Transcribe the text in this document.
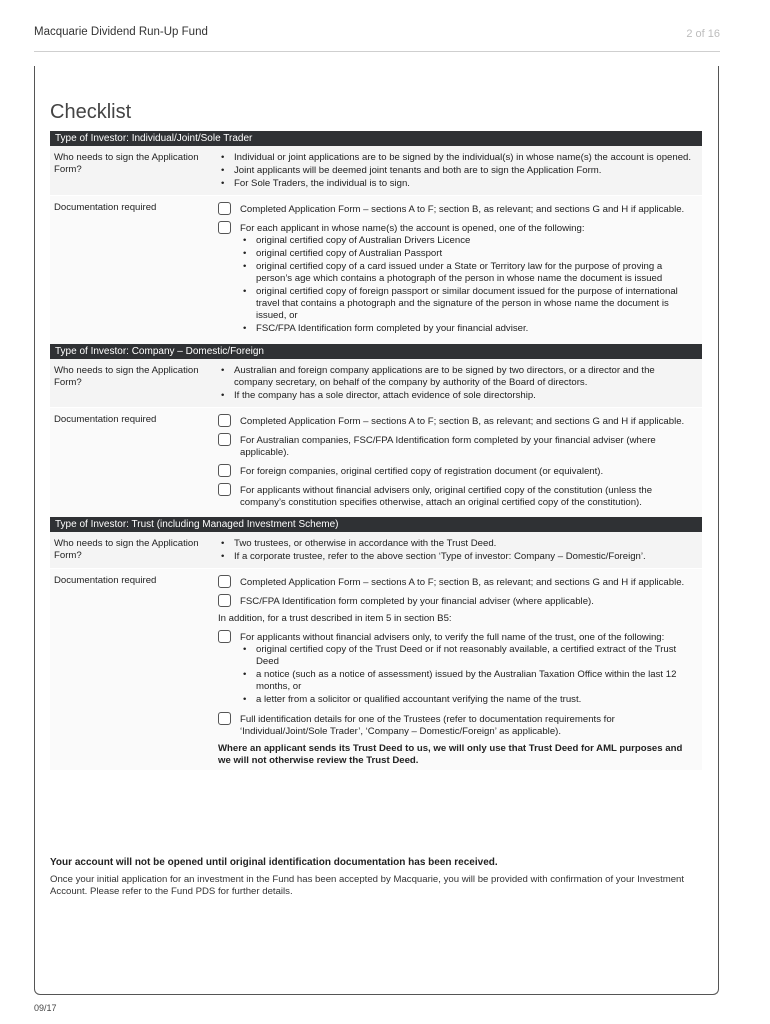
Macquarie Dividend Run-Up Fund	2 of 16
Checklist
Type of Investor: Individual/Joint/Sole Trader
Who needs to sign the Application Form?
• Individual or joint applications are to be signed by the individual(s) in whose name(s) the account is opened.
• Joint applicants will be deemed joint tenants and both are to sign the Application Form.
• For Sole Traders, the individual is to sign.
Documentation required	Completed Application Form – sections A to F; section B, as relevant; and sections G and H if applicable.
For each applicant in whose name(s) the account is opened, one of the following:
• original certified copy of Australian Drivers Licence
• original certified copy of Australian Passport
• original certified copy of a card issued under a State or Territory law for the purpose of proving a person’s age which contains a photograph of the person in whose name the document is issued
• original certified copy of foreign passport or similar document issued for the purpose of international travel that contains a photograph and the signature of the person in whose name the document is issued, or
• FSC/FPA Identification form completed by your financial adviser.
Type of Investor: Company – Domestic/Foreign
Who needs to sign the Application Form?
• Australian and foreign company applications are to be signed by two directors, or a director and the company secretary, on behalf of the company by authority of the Board of directors.
• If the company has a sole director, attach evidence of sole directorship.
Documentation required	Completed Application Form – sections A to F; section B, as relevant; and sections G and H if applicable.
For Australian companies, FSC/FPA Identification form completed by your financial adviser (where applicable).
For foreign companies, original certified copy of registration document (or equivalent).
For applicants without financial advisers only, original certified copy of the constitution (unless the company’s constitution specifies otherwise, attach an original certified copy of the constitution).
Type of Investor: Trust (including Managed Investment Scheme)
Who needs to sign the Application Form?
• Two trustees, or otherwise in accordance with the Trust Deed.
• If a corporate trustee, refer to the above section ‘Type of investor: Company – Domestic/Foreign’.
Documentation required	Completed Application Form – sections A to F; section B, as relevant; and sections G and H if applicable.
FSC/FPA Identification form completed by your financial adviser (where applicable).
In addition, for a trust described in item 5 in section B5:
For applicants without financial advisers only, to verify the full name of the trust, one of the following:
• original certified copy of the Trust Deed or if not reasonably available, a certified extract of the Trust Deed
• a notice (such as a notice of assessment) issued by the Australian Taxation Office within the last 12 months, or
• a letter from a solicitor or qualified accountant verifying the name of the trust.
Full identification details for one of the Trustees (refer to documentation requirements for ‘Individual/Joint/Sole Trader’, ‘Company – Domestic/Foreign’ as applicable).
Where an applicant sends its Trust Deed to us, we will only use that Trust Deed for AML purposes and we will not otherwise review the Trust Deed.
Your account will not be opened until original identification documentation has been received.
Once your initial application for an investment in the Fund has been accepted by Macquarie, you will be provided with confirmation of your Investment Account. Please refer to the Fund PDS for further details.
09/17
